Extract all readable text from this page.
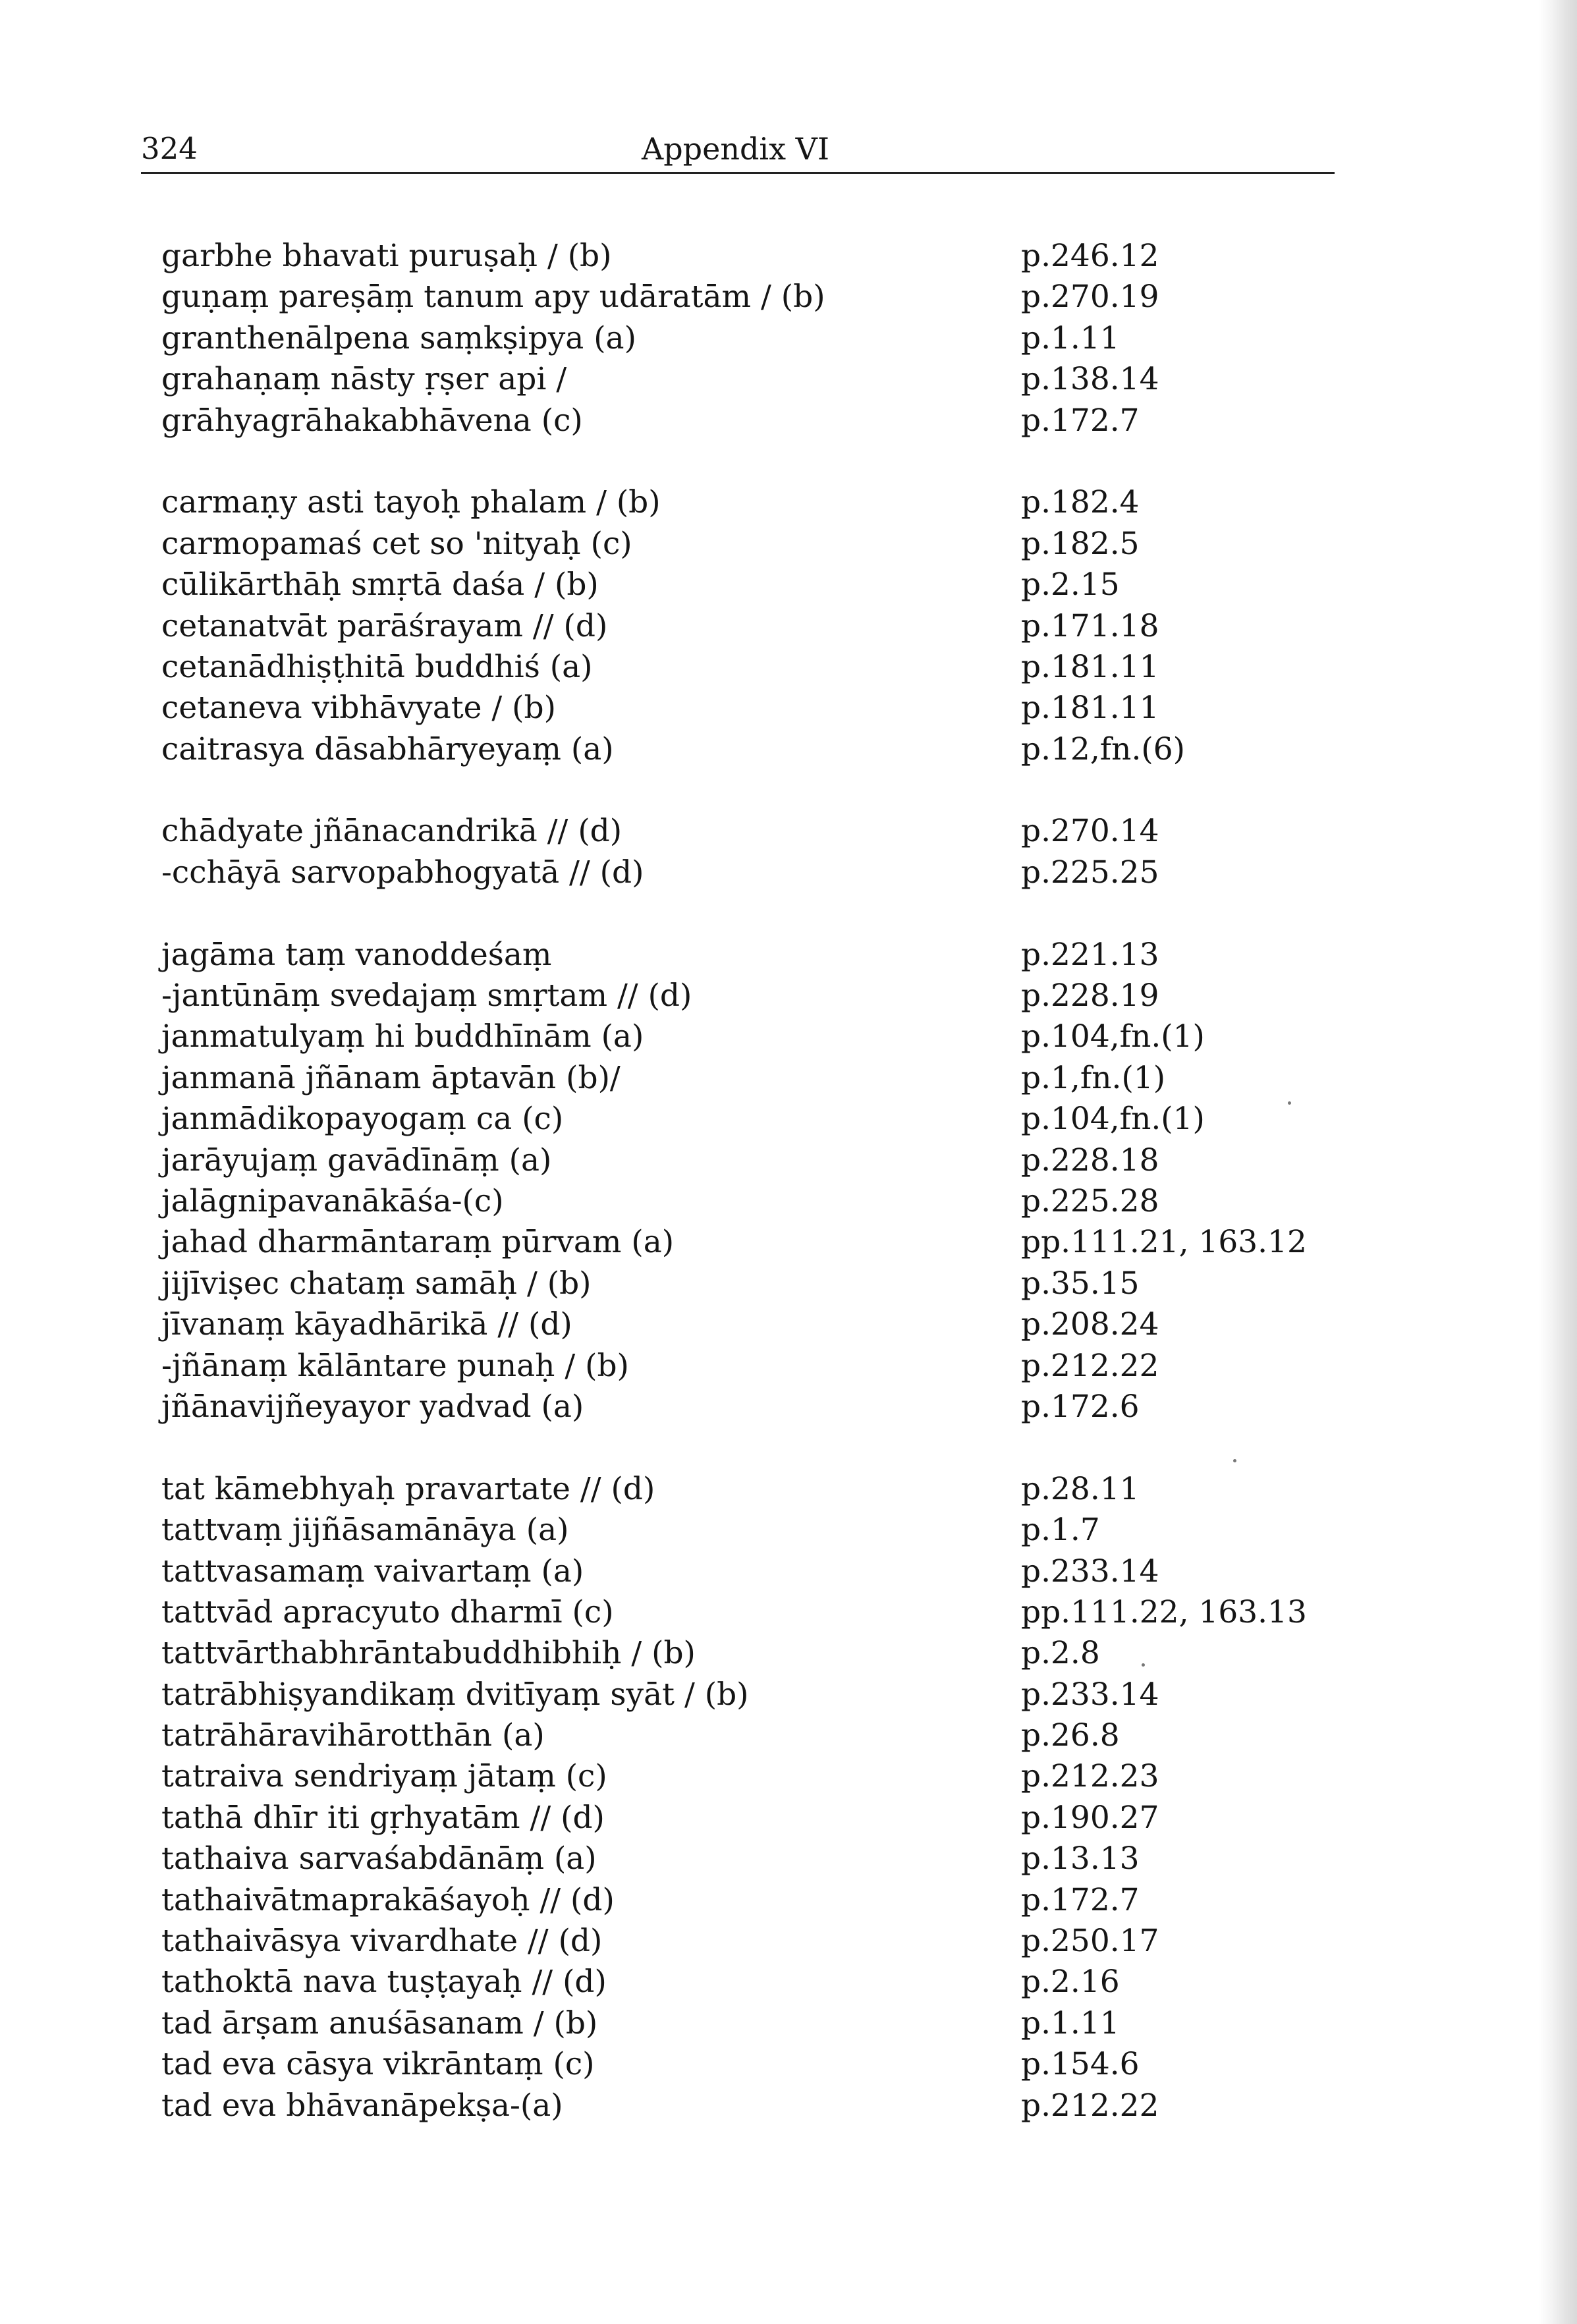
324	Appendix VI
garbhe bhavati puruṣaḥ / (b)	p.246.12
guṇaṃ pareṣāṃ tanum apy udāratām / (b)	p.270.19
granthenālpena saṃkṣipya (a)	p.1.11
grahaṇaṃ nāsty ṛṣer api /	p.138.14
grāhyagrāhakabhāvena (c)	p.172.7
carmaṇy asti tayoḥ phalam / (b)	p.182.4
carmopamaś cet so 'nityaḥ (c)	p.182.5
cūlikārthāḥ smṛtā daśa / (b)	p.2.15
cetanatvāt parāśrayam // (d)	p.171.18
cetanādhiṣṭhitā buddhiś (a)	p.181.11
cetaneva vibhāvyate / (b)	p.181.11
caitrasya dāsabhāryeyaṃ (a)	p.12,fn.(6)
chādyate jñānacandrikā // (d)	p.270.14
-cchāyā sarvopabhogyatā // (d)	p.225.25
jagāma taṃ vanoddeśaṃ	p.221.13
-jantūnāṃ svedajaṃ smṛtam // (d)	p.228.19
janmatulyaṃ hi buddhīnām (a)	p.104,fn.(1)
janmanā jñānam āptavān (b)/	p.1,fn.(1)
janmādikopayogaṃ ca (c)	p.104,fn.(1)
jarāyujaṃ gavādīnāṃ (a)	p.228.18
jalāgnipavanākāśa-(c)	p.225.28
jahad dharmāntaraṃ pūrvam (a)	pp.111.21, 163.12
jijīviṣec chataṃ samāḥ / (b)	p.35.15
jīvanaṃ kāyadhārikā // (d)	p.208.24
-jñānaṃ kālāntare punaḥ / (b)	p.212.22
jñānavijñeyayor yadvad (a)	p.172.6
tat kāmebhyaḥ pravartate // (d)	p.28.11
tattvaṃ jijñāsamānāya (a)	p.1.7
tattvasamaṃ vaivartaṃ (a)	p.233.14
tattvād apracyuto dharmī (c)	pp.111.22, 163.13
tattvārthabhrāntabuddhibhiḥ / (b)	p.2.8
tatrābhiṣyandikaṃ dvitīyaṃ syāt / (b)	p.233.14
tatrāhāravihārotthān (a)	p.26.8
tatraiva sendriyaṃ jātaṃ (c)	p.212.23
tathā dhīr iti gṛhyatām // (d)	p.190.27
tathaiva sarvaśabdānāṃ (a)	p.13.13
tathaivātmaprakāśayoḥ // (d)	p.172.7
tathaivāsya vivardhate // (d)	p.250.17
tathoktā nava tuṣṭayaḥ // (d)	p.2.16
tad ārṣam anuśāsanam / (b)	p.1.11
tad eva cāsya vikrāntaṃ (c)	p.154.6
tad eva bhāvanāpekṣa-(a)	p.212.22
